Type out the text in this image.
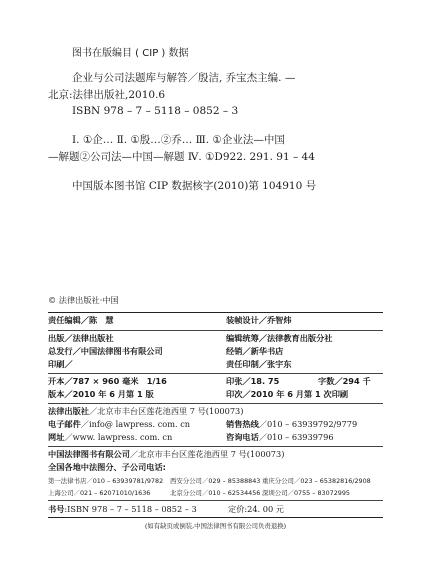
图书在版编目 ( CIP ) 数据
企业与公司法题库与解答／殷洁, 乔宝杰主编. —
北京:法律出版社,2010.6
ISBN 978 – 7 – 5118 – 0852 – 3
Ⅰ. ①企… Ⅱ. ①殷…②乔… Ⅲ. ①企业法—中国
—解题②公司法—中国—解题 Ⅳ. ①D922. 291. 91 – 44
中国版本图书馆 CIP 数据核字(2010)第 104910 号
© 法律出版社·中国
责任编辑／陈　慧	装帧设计／乔智炜
出版／法律出版社	编辑统筹／法律教育出版分社
总发行／中国法律图书有限公司	经销／新华书店
印刷／	责任印制／张宇东
开本／787 × 960 毫米　1/16	印张／18. 75	字数／294 千
版本／2010 年 6 月第 1 版	印次／2010 年 6 月第 1 次印刷
法律出版社／北京市丰台区莲花池西里 7 号(100073)
电子邮件／info@ lawpress. com. cn	销售热线／010 – 63939792/9779
网址／www. lawpress. com. cn	咨询电话／010 – 63939796
中国法律图书有限公司／北京市丰台区莲花池西里 7 号(100073)
全国各地中法图分、子公司电话:
第一法律书店／010 – 63939781/9782 西安分公司／029 – 85388843 重庆分公司／023 – 65382816/2908
上海公司／021 – 62071010/1636	北京分公司／010 – 62534456 深圳公司／0755 – 83072995
书号:ISBN 978 – 7 – 5118 – 0852 – 3	定价:24. 00 元
(如有缺页或倒装,中国法律图书有限公司负责退换)
